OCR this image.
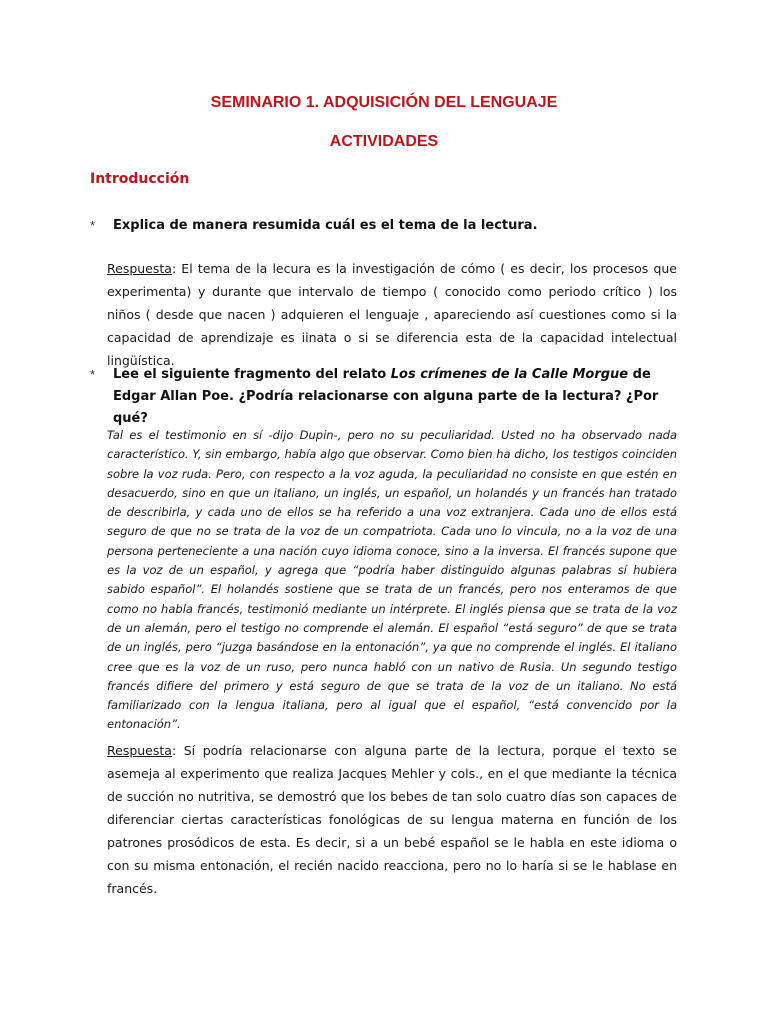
SEMINARIO 1. ADQUISICIÓN DEL LENGUAJE
ACTIVIDADES
Introducción
* Explica de manera resumida cuál es el tema de la lectura.
Respuesta: El tema de la lecura es la investigación de cómo ( es decir, los procesos que experimenta) y durante que intervalo de tiempo ( conocido como periodo crítico ) los niños ( desde que nacen ) adquieren el lenguaje , apareciendo así cuestiones como si la capacidad de aprendizaje es iinata o si se diferencia esta de la capacidad intelectual lingüística.
* Lee el siguiente fragmento del relato Los crímenes de la Calle Morgue de Edgar Allan Poe. ¿Podría relacionarse con alguna parte de la lectura? ¿Por qué?
Tal es el testimonio en sí -dijo Dupin-, pero no su peculiaridad. Usted no ha observado nada característico. Y, sin embargo, había algo que observar. Como bien ha dicho, los testigos coinciden sobre la voz ruda. Pero, con respecto a la voz aguda, la peculiaridad no consiste en que estén en desacuerdo, sino en que un italiano, un inglés, un español, un holandés y un francés han tratado de describirla, y cada uno de ellos se ha referido a una voz extranjera. Cada uno de ellos está seguro de que no se trata de la voz de un compatriota. Cada uno lo vincula, no a la voz de una persona perteneciente a una nación cuyo idioma conoce, sino a la inversa. El francés supone que es la voz de un español, y agrega que “podría haber distinguido algunas palabras sí hubiera sabido español”. El holandés sostiene que se trata de un francés, pero nos enteramos de que como no habla francés, testimonió mediante un intérprete. El inglés piensa que se trata de la voz de un alemán, pero el testigo no comprende el alemán. El español “está seguro” de que se trata de un inglés, pero “juzga basándose en la entonación”, ya que no comprende el inglés. El italiano cree que es la voz de un ruso, pero nunca habló con un nativo de Rusia. Un segundo testigo francés difiere del primero y está seguro de que se trata de la voz de un italiano. No está familiarizado con la lengua italiana, pero al igual que el español, “está convencido por la entonación”.
Respuesta: Sí podría relacionarse con alguna parte de la lectura, porque el texto se asemeja al experimento que realiza Jacques Mehler y cols., en el que mediante la técnica de succión no nutritiva, se demostró que los bebes de tan solo cuatro días son capaces de diferenciar ciertas características fonológicas de su lengua materna en función de los patrones prosódicos de esta. Es decir, si a un bebé español se le habla en este idioma o con su misma entonación, el recién nacido reacciona, pero no lo haría si se le hablase en francés.
